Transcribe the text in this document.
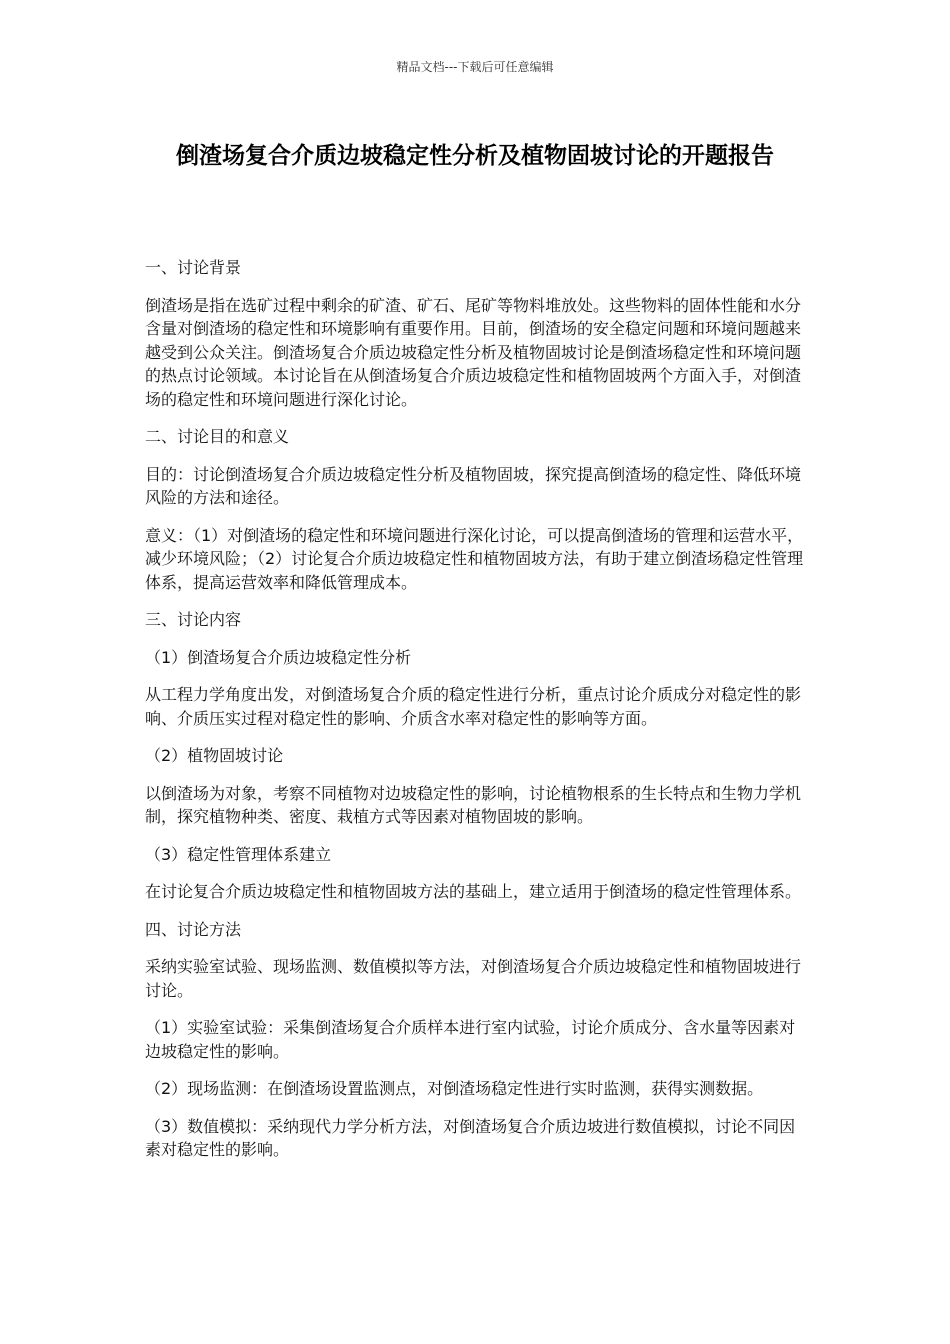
精品文档---下载后可任意编辑
倒渣场复合介质边坡稳定性分析及植物固坡讨论的开题报告

一、讨论背景

倒渣场是指在选矿过程中剩余的矿渣、矿石、尾矿等物料堆放处。这些物料的固体性能和水分含量对倒渣场的稳定性和环境影响有重要作用。目前，倒渣场的安全稳定问题和环境问题越来越受到公众关注。倒渣场复合介质边坡稳定性分析及植物固坡讨论是倒渣场稳定性和环境问题的热点讨论领域。本讨论旨在从倒渣场复合介质边坡稳定性和植物固坡两个方面入手，对倒渣场的稳定性和环境问题进行深化讨论。

二、讨论目的和意义

目的：讨论倒渣场复合介质边坡稳定性分析及植物固坡，探究提高倒渣场的稳定性、降低环境风险的方法和途径。

意义：（1）对倒渣场的稳定性和环境问题进行深化讨论，可以提高倒渣场的管理和运营水平，减少环境风险；（2）讨论复合介质边坡稳定性和植物固坡方法，有助于建立倒渣场稳定性管理体系，提高运营效率和降低管理成本。

三、讨论内容

（1）倒渣场复合介质边坡稳定性分析

从工程力学角度出发，对倒渣场复合介质的稳定性进行分析，重点讨论介质成分对稳定性的影响、介质压实过程对稳定性的影响、介质含水率对稳定性的影响等方面。

（2）植物固坡讨论

以倒渣场为对象，考察不同植物对边坡稳定性的影响，讨论植物根系的生长特点和生物力学机制，探究植物种类、密度、栽植方式等因素对植物固坡的影响。

（3）稳定性管理体系建立

在讨论复合介质边坡稳定性和植物固坡方法的基础上，建立适用于倒渣场的稳定性管理体系。

四、讨论方法

采纳实验室试验、现场监测、数值模拟等方法，对倒渣场复合介质边坡稳定性和植物固坡进行讨论。

（1）实验室试验：采集倒渣场复合介质样本进行室内试验，讨论介质成分、含水量等因素对边坡稳定性的影响。

（2）现场监测：在倒渣场设置监测点，对倒渣场稳定性进行实时监测，获得实测数据。

（3）数值模拟：采纳现代力学分析方法，对倒渣场复合介质边坡进行数值模拟，讨论不同因素对稳定性的影响。
